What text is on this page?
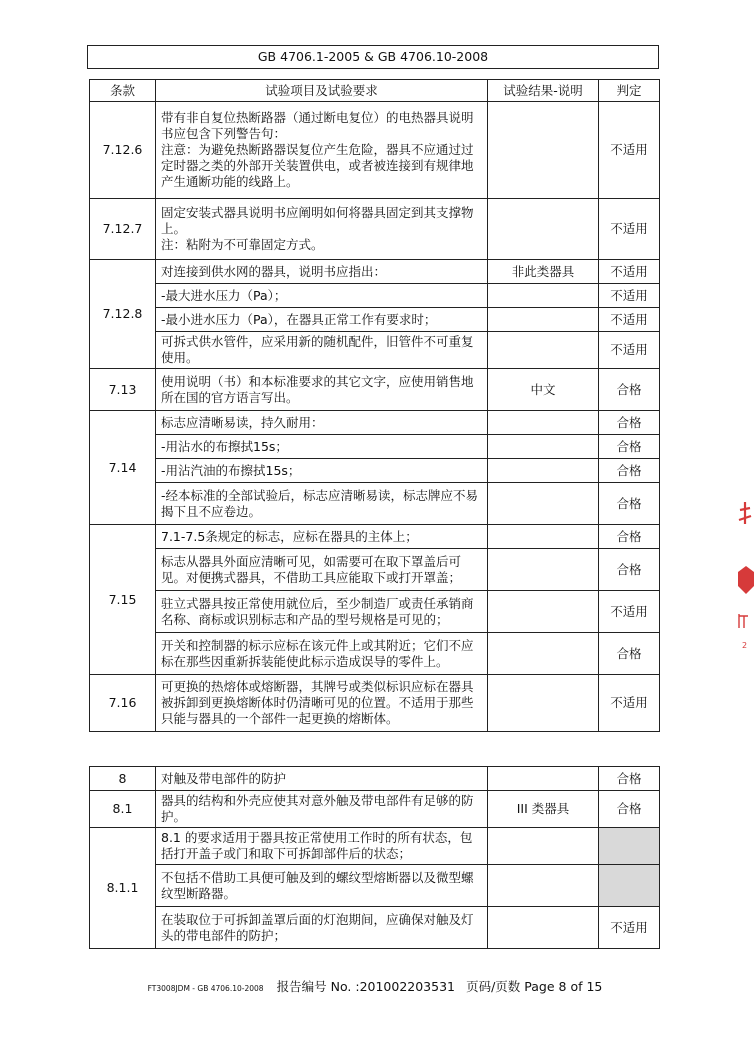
GB 4706.1-2005 & GB 4706.10-2008
条款	试验项目及试验要求	试验结果-说明	判定
7.12.6	带有非自复位热断路器（通过断电复位）的电热器具说明书应包含下列警告句：
注意：为避免热断路器误复位产生危险，器具不应通过过定时器之类的外部开关装置供电，或者被连接到有规律地产生通断功能的线路上。		不适用
7.12.7	固定安装式器具说明书应阐明如何将器具固定到其支撑物上。
注：粘附为不可靠固定方式。		不适用
7.12.8	对连接到供水网的器具，说明书应指出：	非此类器具	不适用

	-最大进水压力（Pa）；		不适用

	-最小进水压力（Pa），在器具正常工作有要求时；		不适用

	可拆式供水管件，应采用新的随机配件，旧管件不可重复使用。		不适用
7.13	使用说明（书）和本标准要求的其它文字，应使用销售地所在国的官方语言写出。	中文	合格
7.14	标志应清晰易读，持久耐用：		合格

	-用沾水的布擦拭15s；		合格

	-用沾汽油的布擦拭15s；		合格

	-经本标准的全部试验后，标志应清晰易读，标志牌应不易揭下且不应卷边。		合格
7.15	7.1-7.5条规定的标志，应标在器具的主体上；		合格

	标志从器具外面应清晰可见，如需要可在取下罩盖后可见。对便携式器具，不借助工具应能取下或打开罩盖；		合格

	驻立式器具按正常使用就位后，至少制造厂或责任承销商名称、商标或识别标志和产品的型号规格是可见的；		不适用

	开关和控制器的标示应标在该元件上或其附近；它们不应标在那些因重新拆装能使此标示造成误导的零件上。		合格
7.16	可更换的热熔体或熔断器，其牌号或类似标识应标在器具被拆卸到更换熔断体时仍清晰可见的位置。不适用于那些只能与器具的一个部件一起更换的熔断体。		不适用
8	对触及带电部件的防护		合格
8.1	器具的结构和外壳应使其对意外触及带电部件有足够的防护。	III 类器具	合格
8.1.1	8.1 的要求适用于器具按正常使用工作时的所有状态，包括打开盖子或门和取下可拆卸部件后的状态；		

	不包括不借助工具便可触及到的螺纹型熔断器以及微型螺纹型断路器。		

	在装取位于可拆卸盖罩后面的灯泡期间，应确保对触及灯头的带电部件的防护；		不适用
FT3008JDM - GB 4706.10-2008 报告编号 No. :201002203531 页码/页数 Page 8 of 15
2
